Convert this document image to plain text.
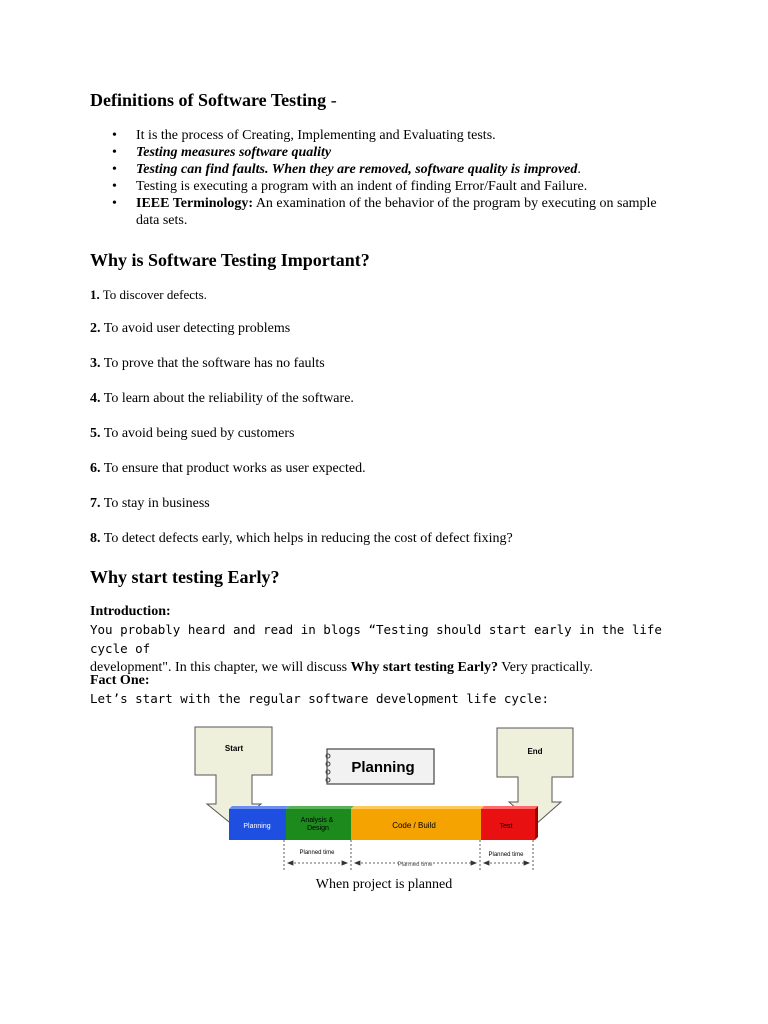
Definitions of Software Testing -
• It is the process of Creating, Implementing and Evaluating tests.
• Testing measures software quality
• Testing can find faults. When they are removed, software quality is improved.
• Testing is executing a program with an indent of finding Error/Fault and Failure.
• IEEE Terminology: An examination of the behavior of the program by executing on sample data sets.
Why is Software Testing Important?

1. To discover defects.

2. To avoid user detecting problems

3. To prove that the software has no faults

4. To learn about the reliability of the software.

5. To avoid being sued by customers

6. To ensure that product works as user expected.

7. To stay in business

8. To detect defects early, which helps in reducing the cost of defect fixing?

Why start testing Early?

Introduction:
You probably heard and read in blogs “Testing should start early in the life cycle of
development". In this chapter, we will discuss Why start testing Early? Very practically.

Fact One:
Let’s start with the regular software development life cycle:

Start	End
Planning
Planning
Analysis & Design	Code / Build	Test
Planned time
Planned time
Planned time
When project is planned
